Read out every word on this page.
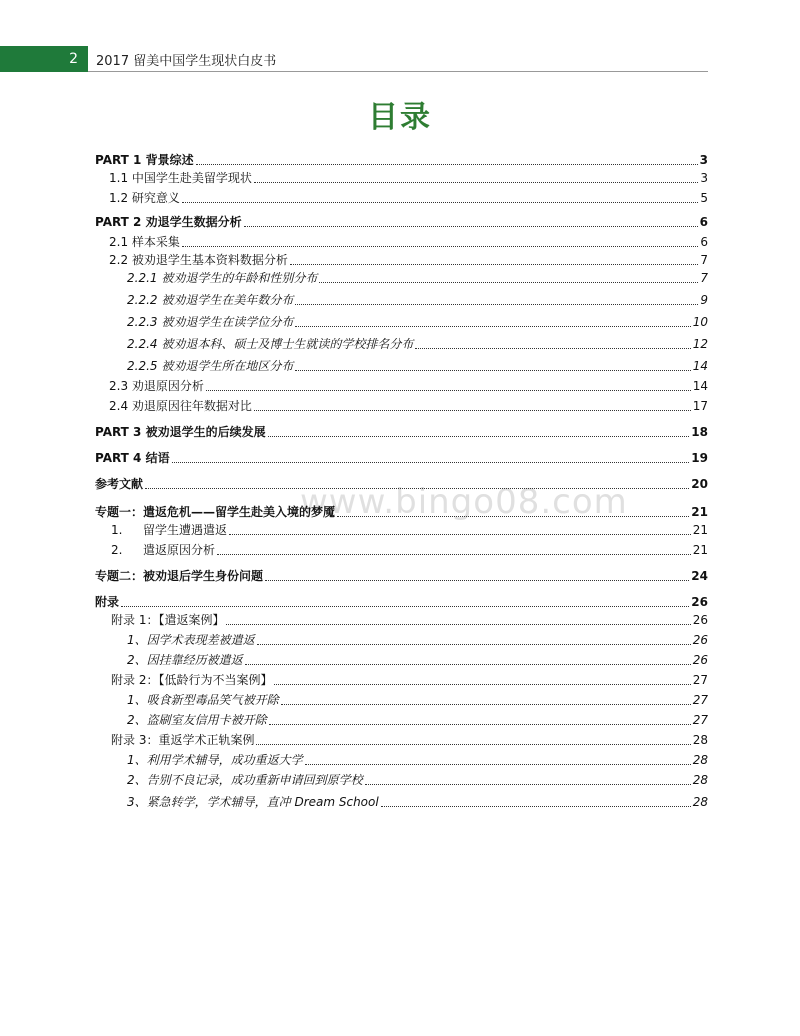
2	2017 留美中国学生现状白皮书
目录
www.bingo08.com
PART 1 背景综述	3
1.1 中国学生赴美留学现状	3
1.2 研究意义	5
PART 2 劝退学生数据分析	6
2.1 样本采集	6
2.2 被劝退学生基本资料数据分析	7
2.2.1 被劝退学生的年龄和性别分布	7
2.2.2 被劝退学生在美年数分布	9
2.2.3 被劝退学生在读学位分布	10
2.2.4 被劝退本科、硕士及博士生就读的学校排名分布	12
2.2.5 被劝退学生所在地区分布	14
2.3 劝退原因分析	14
2.4 劝退原因往年数据对比	17
PART 3 被劝退学生的后续发展	18
PART 4 结语	19
参考文献	20
专题一：遣返危机——留学生赴美入境的梦魇	21
1. 留学生遭遇遣返	21
2. 遣返原因分析	21
专题二：被劝退后学生身份问题	24
附录	26
附录 1：【遣返案例】	26
1、因学术表现差被遣返	26
2、因挂靠经历被遣返	26
附录 2：【低龄行为不当案例】	27
1、吸食新型毒品笑气被开除	27
2、盗刷室友信用卡被开除	27
附录 3：重返学术正轨案例	28
1、利用学术辅导，成功重返大学	28
2、告别不良记录，成功重新申请回到原学校	28
3、紧急转学，学术辅导，直冲 Dream School	28
